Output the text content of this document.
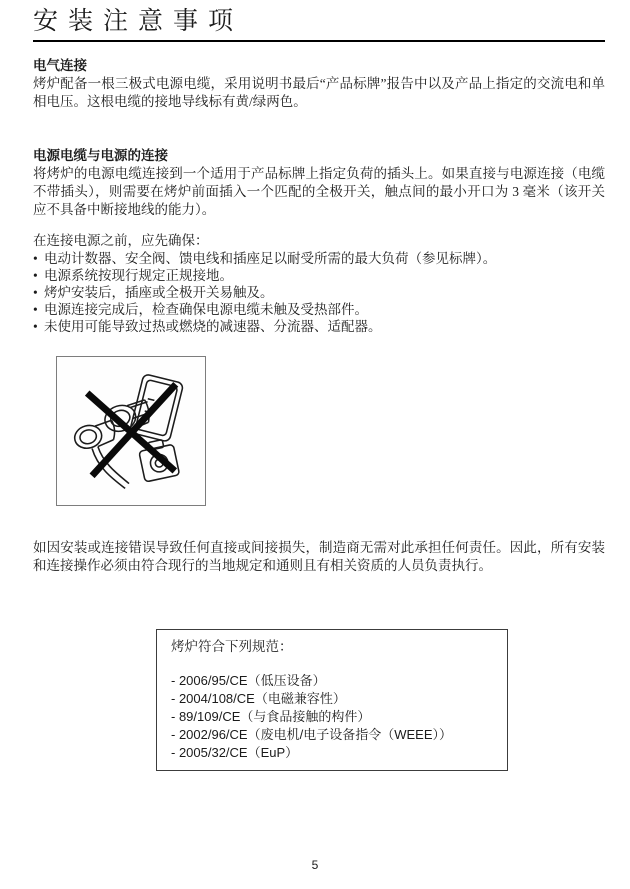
安装注意事项
电气连接

烤炉配备一根三极式电源电缆，采用说明书最后“产品标牌”报告中以及产品上指定的交流电和单相电压。这根电缆的接地导线标有黄/绿两色。

电源电缆与电源的连接

将烤炉的电源电缆连接到一个适用于产品标牌上指定负荷的插头上。如果直接与电源连接（电缆不带插头），则需要在烤炉前面插入一个匹配的全极开关，触点间的最小开口为 3 毫米（该开关应不具备中断接地线的能力）。

在连接电源之前，应先确保：

• 电动计数器、安全阀、馈电线和插座足以耐受所需的最大负荷（参见标牌）。
• 电源系统按现行规定正规接地。
• 烤炉安装后，插座或全极开关易触及。
• 电源连接完成后，检查确保电源电缆未触及受热部件。
• 未使用可能导致过热或燃烧的减速器、分流器、适配器。

如因安装或连接错误导致任何直接或间接损失，制造商无需对此承担任何责任。因此，所有安装和连接操作必须由符合现行的当地规定和通则且有相关资质的人员负责执行。

烤炉符合下列规范：

- 2006/95/CE（低压设备）
- 2004/108/CE（电磁兼容性）
- 89/109/CE（与食品接触的构件）
- 2002/96/CE（废电机/电子设备指令（WEEE））
- 2005/32/CE（EuP）
5
